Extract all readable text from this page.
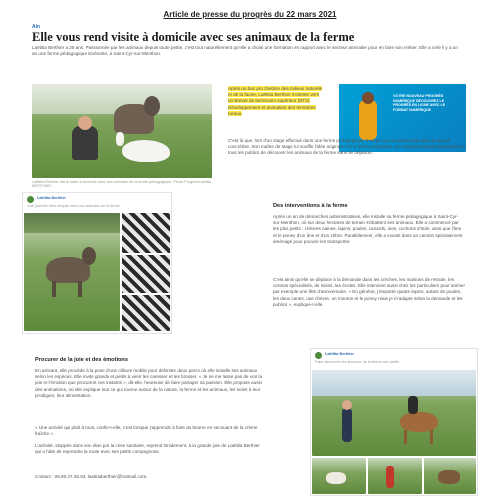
Article de presse du progrès du 22 mars 2021
Ain
Elle vous rend visite à domicile avec ses animaux de la ferme
Laëtitia Berthier a 25 ans. Passionnée par les animaux depuis toute petite, c'est tout naturellement qu'elle a choisi une formation en rapport avec le secteur animalier pour en faire son métier. Elle a créé il y a un an une ferme pédagogique itinérante, à Saint-Cyr-sur-Menthon.
Laëtitia Berthier fait la visite à domicile avec ses animaux de la ferme pédagogique. Photo Progrès/Laetitia BERTHIER
Après un bac pro Gestion des milieux naturels et de la faune, Laëtitia Berthier s'oriente vers un Brevet de technicien supérieur (BTS) Développement et animation des territoires ruraux.
VOTRE NOUVEAU PROGRÈS NUMÉRIQUE DÉCOUVREZ LE PROGRÈS EN LIGNE AVEC LE FORMAT NUMÉRIQUE
C'est là que, lors d'un stage effectué dans une ferme pédagogique, le projet qui lui trottait déjà dans la tête se concrétise. Son maître de stage lui souffle l'idée originale d'une ferme ambulante, un concept innovant qui permet à tous les publics de découvrir les animaux de la ferme sans se déplacer.
Laëtitia Berthier
Une journée bien remplie avec les animaux de la ferme	Des interventions à la ferme
Après un an de démarches administratives, elle installe sa ferme pédagogique à Saint-Cyr-sur-Menthon, où sur deux hectares de terrain s'ébattent ses animaux. Elle a commencé par les plus petits : chèvres naines, lapins, poules, canards, oies, cochons d'Inde, ainsi que l'âne et le poney d'un âne et d'un zèbre. Parallèlement, elle a investi dans un camion spécialement aménagé pour pouvoir les transporter.
C'est ainsi qu'elle se déplace à la demande dans les crèches, les maisons de retraite, les centres spécialisés, de loisirs, les écoles. Elle intervient aussi chez les particuliers pour animer par exemple une fête d'anniversaire. « En général, j'emporte quatre lapins, autant de poules, les deux canes, une chèvre, un mouton et le poney mais je m'adapte selon la demande et les publics », explique-t-elle.
Procurer de la joie et des émotions
En arrivant, elle procède à la pose d'une clôture mobile pour délimiter deux parcs où elle installe ses animaux selon les espèces. Elle invite grands et petits à venir les caresser et les brosser. « Je ne me lasse pas de voir la joie et l'émotion que procurent ces instants », dit-elle, heureuse de faire partager sa passion. Elle propose aussi des animations, où elle explique tout ce qui tourne autour de la nature, la ferme et les animaux, les soins à leur prodiguer, leur alimentation.
« Une activité qui plaît à tous, confie-t-elle, c'est lorsque j'apprends à faire du beurre en secouant de la crème fraîche ».
L'activité, stoppée dans son élan par la crise sanitaire, reprend timidement, à la grande joie de Laëtitia Berthier qui a hâte de reprendre la route avec ses petits compagnons.
Contact : 06.60.47.28.63, laetitiaberthier@hotmail.com.
Laëtitia Berthier
Faire découvrir les animaux de la ferme aux petits
